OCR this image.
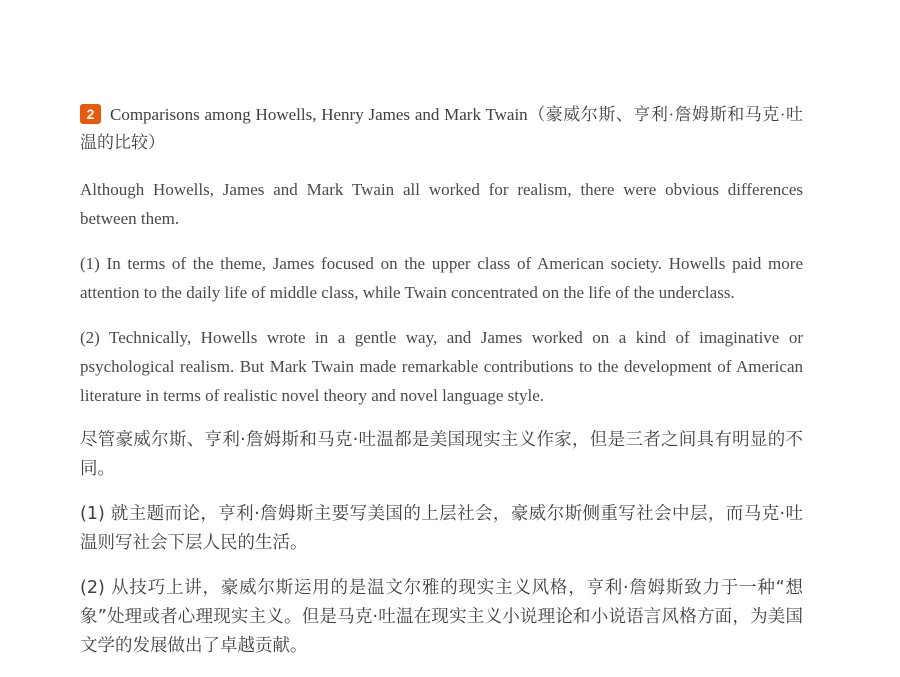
2 Comparisons among Howells, Henry James and Mark Twain（豪威尔斯、亨利·詹姆斯和马克·吐温的比较）

Although Howells, James and Mark Twain all worked for realism, there were obvious differences between them.

(1) In terms of the theme, James focused on the upper class of American society. Howells paid more attention to the daily life of middle class, while Twain concentrated on the life of the underclass.

(2) Technically, Howells wrote in a gentle way, and James worked on a kind of imaginative or psychological realism. But Mark Twain made remarkable contributions to the development of American literature in terms of realistic novel theory and novel language style.

尽管豪威尔斯、亨利·詹姆斯和马克·吐温都是美国现实主义作家，但是三者之间具有明显的不同。

(1) 就主题而论，亨利·詹姆斯主要写美国的上层社会，豪威尔斯侧重写社会中层，而马克·吐温则写社会下层人民的生活。

(2) 从技巧上讲，豪威尔斯运用的是温文尔雅的现实主义风格，亨利·詹姆斯致力于一种“想象”处理或者心理现实主义。但是马克·吐温在现实主义小说理论和小说语言风格方面，为美国文学的发展做出了卓越贡献。
